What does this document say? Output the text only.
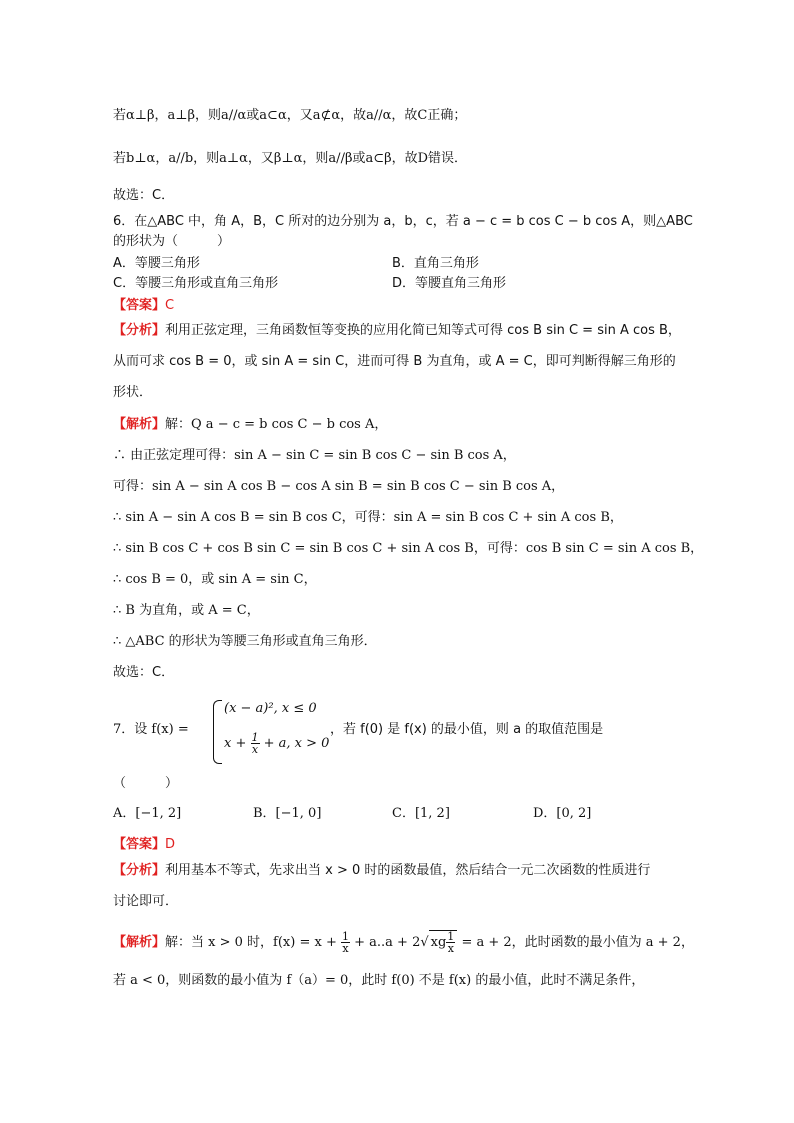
若α⊥β，a⊥β，则a//α或a⊂α，又a⊄α，故a//α，故C正确；
若b⊥α，a//b，则a⊥α，又β⊥α，则a//β或a⊂β，故D错误．
故选：C．
6．在△ABC 中，角 A，B，C 所对的边分别为 a，b，c，若 a − c = b cos C − b cos A，则△ABC
的形状为（　　　）
A．等腰三角形	B．直角三角形
C．等腰三角形或直角三角形	D．等腰直角三角形
【答案】C
【分析】利用正弦定理，三角函数恒等变换的应用化简已知等式可得 cos B sin C = sin A cos B，
从而可求 cos B = 0，或 sin A = sin C，进而可得 B 为直角，或 A = C，即可判断得解三角形的
形状．
【解析】解：Q a − c = b cos C − b cos A，
∴ 由正弦定理可得：sin A − sin C = sin B cos C − sin B cos A，
可得：sin A − sin A cos B − cos A sin B = sin B cos C − sin B cos A，
∴ sin A − sin A cos B = sin B cos C，可得：sin A = sin B cos C + sin A cos B，
∴ sin B cos C + cos B sin C = sin B cos C + sin A cos B，可得：cos B sin C = sin A cos B，
∴ cos B = 0，或 sin A = sin C，
∴ B 为直角，或 A = C，
∴ △ABC 的形状为等腰三角形或直角三角形．
故选：C．
7．设 f(x) =
(x − a)², x ≤ 0
$x + \frac{1}{x} + a$, x > 0
，若 f(0) 是 f(x) 的最小值，则 a 的取值范围是
（　　　）
A．[−1, 2]	B．[−1, 0]	C．[1, 2]	D．[0, 2]
【答案】D
【分析】利用基本不等式，先求出当 x > 0 时的函数最值，然后结合一元二次函数的性质进行
讨论即可．
【解析】解：当 x > 0 时，$f(x) = x + \frac{1}{x} + a..a + 2√$ xg $\frac{1}{x} = a + 2$，此时函数的最小值为 a + 2，
若 a < 0，则函数的最小值为 f（a）= 0，此时 f(0) 不是 f(x) 的最小值，此时不满足条件，
